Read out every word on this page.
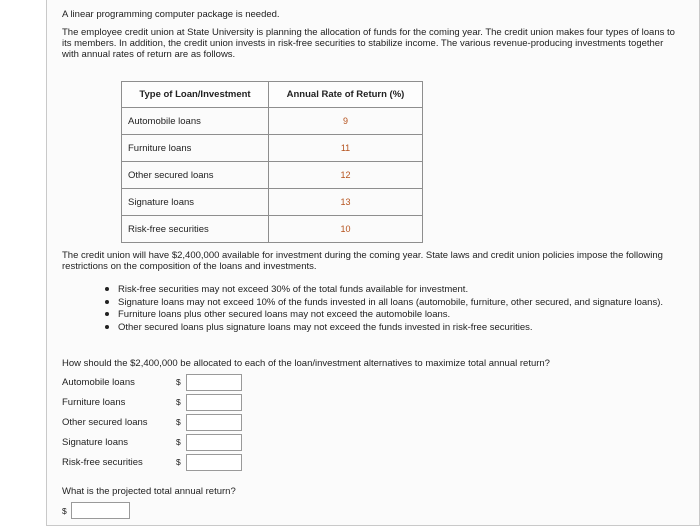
A linear programming computer package is needed.
The employee credit union at State University is planning the allocation of funds for the coming year. The credit union makes four types of loans to its members. In addition, the credit union invests in risk-free securities to stabilize income. The various revenue-producing investments together with annual rates of return are as follows.
Type of Loan/Investment	Annual Rate of Return (%)
Automobile loans	9
Furniture loans	11
Other secured loans	12
Signature loans	13
Risk-free securities	10
The credit union will have $2,400,000 available for investment during the coming year. State laws and credit union policies impose the following restrictions on the composition of the loans and investments.
Risk-free securities may not exceed 30% of the total funds available for investment.
Signature loans may not exceed 10% of the funds invested in all loans (automobile, furniture, other secured, and signature loans).
Furniture loans plus other secured loans may not exceed the automobile loans.
Other secured loans plus signature loans may not exceed the funds invested in risk-free securities.
How should the $2,400,000 be allocated to each of the loan/investment alternatives to maximize total annual return?
Automobile loans	$
Furniture loans	$
Other secured loans	$
Signature loans	$
Risk-free securities	$
What is the projected total annual return?
$
